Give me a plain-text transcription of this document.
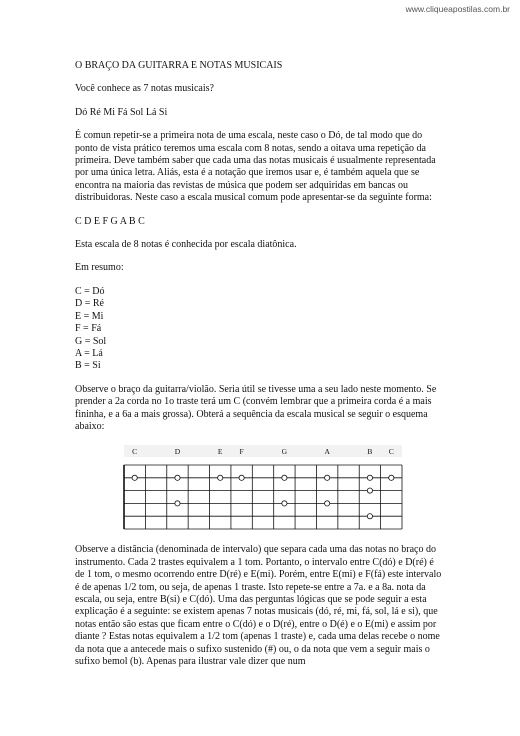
www.cliqueapostilas.com.br

O BRAÇO DA GUITARRA E NOTAS MUSICAIS

Você conhece as 7 notas musicais?

Dó Ré Mi Fá Sol Lá Si

É comun repetir-se a primeira nota de uma escala, neste caso o Dó, de tal modo que do ponto de vista prático teremos uma escala com 8 notas, sendo a oitava uma repetição da primeira. Deve também saber que cada uma das notas musicais é usualmente representada por uma única letra. Aliás, esta é a notação que iremos usar e, é também aquela que se encontra na maioria das revistas de música que podem ser adquiridas em bancas ou distribuidoras. Neste caso a escala musical comum pode apresentar-se da seguinte forma:

C D E F G A B C

Esta escala de 8 notas é conhecida por escala diatônica.

Em resumo:

C = Dó
D = Ré
E = Mi
F = Fá
G = Sol
A = Lá
B = Si

Observe o braço da guitarra/violão. Seria útil se tivesse uma a seu lado neste momento. Se prender a 2a corda no 1o traste terá um C (convém lembrar que a primeira corda é a mais fininha, e a 6a a mais grossa). Obterá a sequência da escala musical se seguir o esquema abaixo:

C	D	E F	G	A	B C

Observe a distância (denominada de intervalo) que separa cada uma das notas no braço do instrumento. Cada 2 trastes equivalem a 1 tom. Portanto, o intervalo entre C(dó) e D(ré) é de 1 tom, o mesmo ocorrendo entre D(ré) e E(mi). Porém, entre E(mi) e F(fá) este intervalo é de apenas 1/2 tom, ou seja, de apenas 1 traste. Isto repete-se entre a 7a. e a 8a. nota da escala, ou seja, entre B(si) e C(dó). Uma das perguntas lógicas que se pode seguir a esta explicação é a seguinte: se existem apenas 7 notas musicais (dó, ré, mi, fá, sol, lá e si), que notas então são estas que ficam entre o C(dó) e o D(ré), entre o D(é) e o E(mi) e assim por diante ? Estas notas equivalem a 1/2 tom (apenas 1 traste) e, cada uma delas recebe o nome da nota que a antecede mais o sufixo sustenido (#) ou, o da nota que vem a seguir mais o sufixo bemol (b). Apenas para ilustrar vale dizer que num
